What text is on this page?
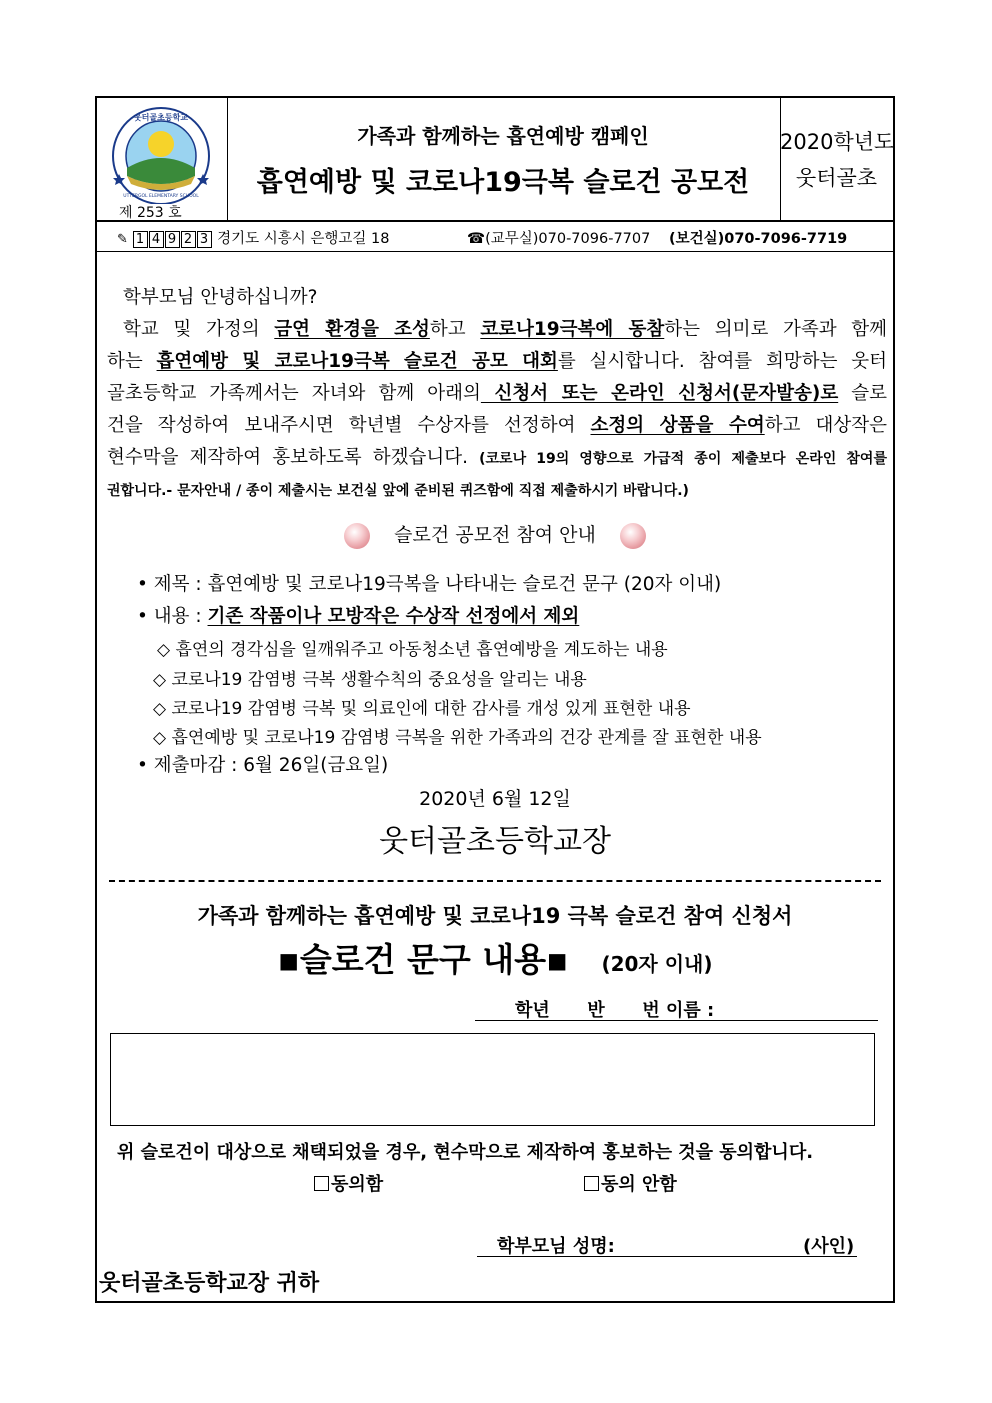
웃터골초등학교
UTTERGOL ELEMENTARY SCHOOL
제 253 호
가족과 함께하는 흡연예방 캠페인
흡연예방 및 코로나19극복 슬로건 공모전
2020학년도
웃터골초
✎ 1 4 9 2 3 경기도 시흥시 은행고길 18	☎(교무실)070-7096-7707 (보건실)070-7096-7719
학부모님 안녕하십니까?
학교 및 가정의 금연 환경을 조성하고 코로나19극복에 동참하는 의미로 가족과 함께
하는 흡연예방 및 코로나19극복 슬로건 공모 대회를 실시합니다. 참여를 희망하는 웃터
골초등학교 가족께서는 자녀와 함께 아래의 신청서 또는 온라인 신청서(문자발송)로 슬로
건을 작성하여 보내주시면 학년별 수상자를 선정하여 소정의 상품을 수여하고 대상작은
현수막을 제작하여 홍보하도록 하겠습니다. (코로나 19의 영향으로 가급적 종이 제출보다 온라인 참여를
권합니다.- 문자안내 / 종이 제출시는 보건실 앞에 준비된 퀴즈함에 직접 제출하시기 바랍니다.)
슬로건 공모전 참여 안내
• 제목 : 흡연예방 및 코로나19극복을 나타내는 슬로건 문구 (20자 이내)
• 내용 : 기존 작품이나 모방작은 수상작 선정에서 제외
◇ 흡연의 경각심을 일깨워주고 아동청소년 흡연예방을 계도하는 내용
◇ 코로나19 감염병 극복 생활수칙의 중요성을 알리는 내용
◇ 코로나19 감염병 극복 및 의료인에 대한 감사를 개성 있게 표현한 내용
◇ 흡연예방 및 코로나19 감염병 극복을 위한 가족과의 건강 관계를 잘 표현한 내용
• 제출마감 : 6월 26일(금요일)
2020년 6월 12일
웃터골초등학교장
가족과 함께하는 흡연예방 및 코로나19 극복 슬로건 참여 신청서
▪슬로건 문구 내용▪ (20자 이내)
학년      반      번 이름 :
위 슬로건이 대상으로 채택되었을 경우, 현수막으로 제작하여 홍보하는 것을 동의합니다.
동의함	동의 안함
학부모님 성명:	(사인)
웃터골초등학교장 귀하
